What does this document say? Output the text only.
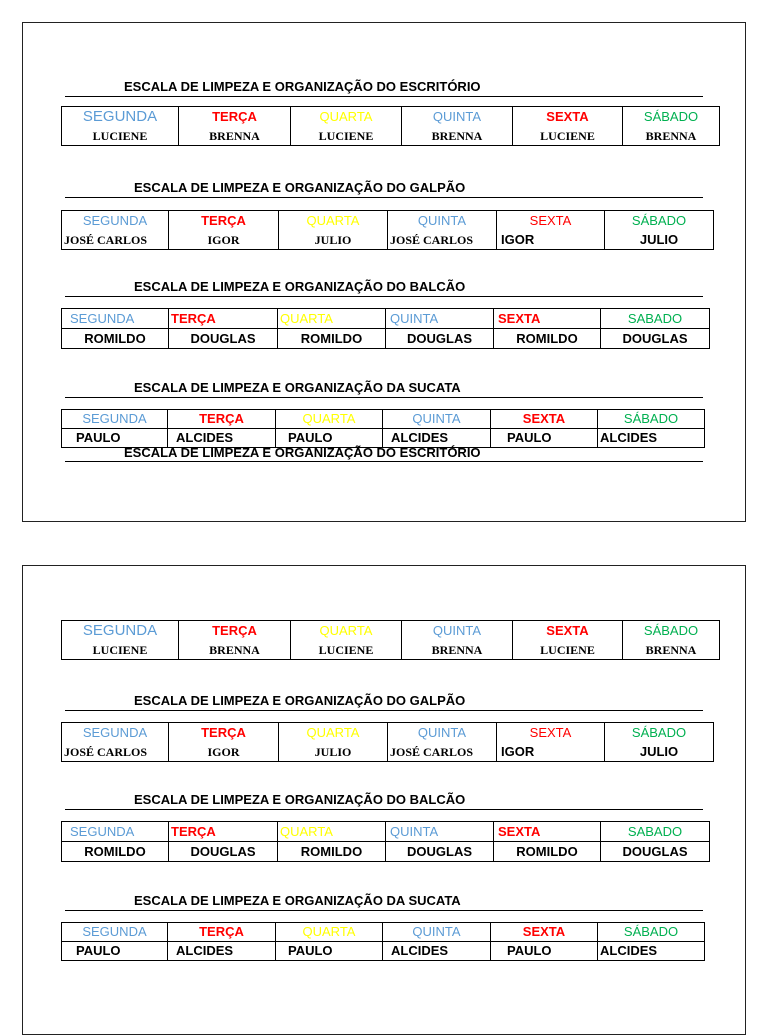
ESCALA DE LIMPEZA E ORGANIZAÇÃO DO ESCRITÓRIO
SEGUNDA	TERÇA	QUARTA	QUINTA	SEXTA	SÁBADO
LUCIENE	BRENNA	LUCIENE	BRENNA	LUCIENE	BRENNA
ESCALA DE LIMPEZA E ORGANIZAÇÃO DO GALPÃO
SEGUNDA	TERÇA	QUARTA	QUINTA	SEXTA	SÁBADO
JOSÉ CARLOS	IGOR	JULIO	JOSÉ CARLOS	IGOR	JULIO
ESCALA DE LIMPEZA E ORGANIZAÇÃO DO BALCÃO
SEGUNDA	TERÇA	QUARTA	QUINTA	SEXTA	SABADO
ROMILDO	DOUGLAS	ROMILDO	DOUGLAS	ROMILDO	DOUGLAS
ESCALA DE LIMPEZA E ORGANIZAÇÃO DA SUCATA
SEGUNDA	TERÇA	QUARTA	QUINTA	SEXTA	SÁBADO
PAULO	ALCIDES	PAULO	ALCIDES	PAULO	ALCIDES
ESCALA DE LIMPEZA E ORGANIZAÇÃO DO ESCRITÓRIO
SEGUNDA	TERÇA	QUARTA	QUINTA	SEXTA	SÁBADO
LUCIENE	BRENNA	LUCIENE	BRENNA	LUCIENE	BRENNA
ESCALA DE LIMPEZA E ORGANIZAÇÃO DO GALPÃO
SEGUNDA	TERÇA	QUARTA	QUINTA	SEXTA	SÁBADO
JOSÉ CARLOS	IGOR	JULIO	JOSÉ CARLOS	IGOR	JULIO
ESCALA DE LIMPEZA E ORGANIZAÇÃO DO BALCÃO
SEGUNDA	TERÇA	QUARTA	QUINTA	SEXTA	SABADO
ROMILDO	DOUGLAS	ROMILDO	DOUGLAS	ROMILDO	DOUGLAS
ESCALA DE LIMPEZA E ORGANIZAÇÃO DA SUCATA
SEGUNDA	TERÇA	QUARTA	QUINTA	SEXTA	SÁBADO
PAULO	ALCIDES	PAULO	ALCIDES	PAULO	ALCIDES
